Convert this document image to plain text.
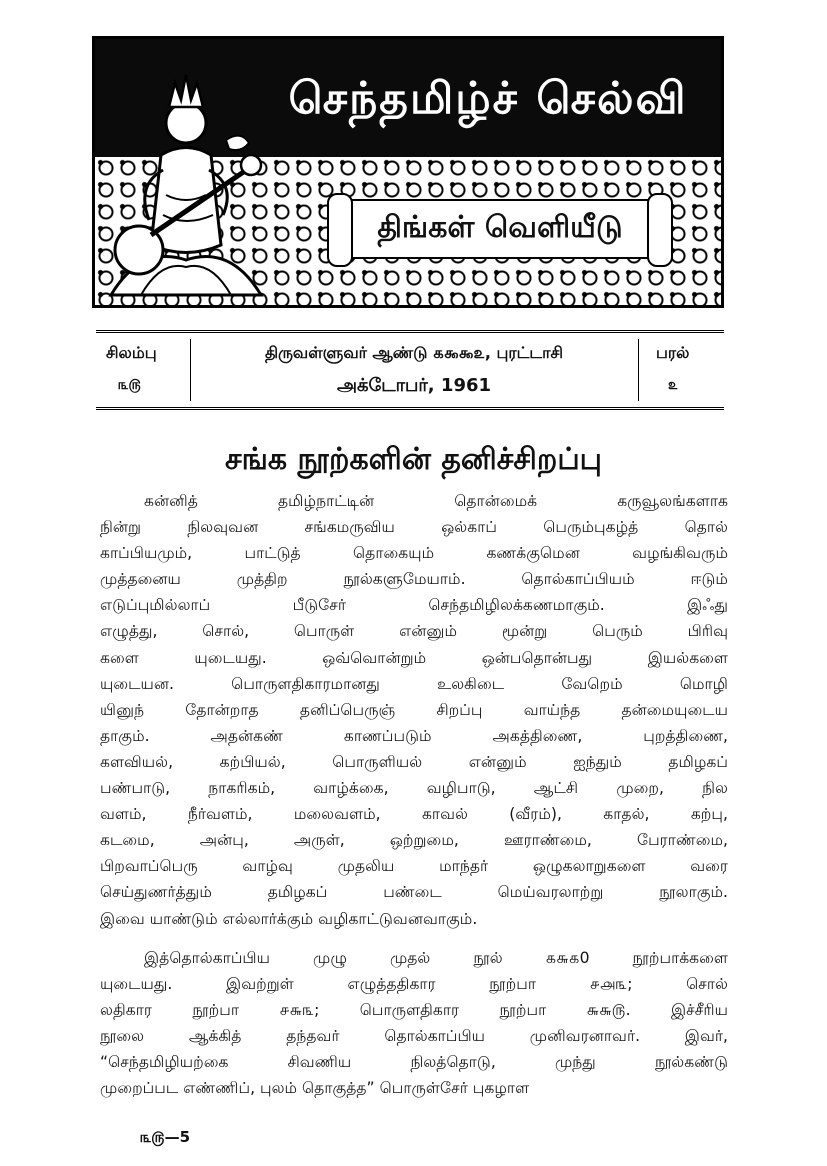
செந்தமிழ்ச் செல்வி
திங்கள் வெளியீடு
சிலம்பு
௩௫
திருவள்ளுவர் ஆண்டு ௧௯௯௨, புரட்டாசி
அக்டோபர், 1961
பரல்
௨
சங்க நூற்களின் தனிச்சிறப்பு
கன்னித் தமிழ்நாட்டின் தொன்மைக் கருவூலங்களாக
நின்று நிலவுவன சங்கமருவிய ஒல்காப் பெரும்புகழ்த் தொல்
காப்பியமும், பாட்டுத் தொகையும் கணக்குமென வழங்கிவரும்
முத்தனைய முத்திற நூல்களுமேயாம். தொல்காப்பியம் ஈடும்
எடுப்புமில்லாப் பீடுசேர் செந்தமிழிலக்கணமாகும். இஃது
எழுத்து, சொல், பொருள் என்னும் மூன்று பெரும் பிரிவு
களை யுடையது. ஒவ்வொன்றும் ஒன்பதொன்பது இயல்களை
யுடையன. பொருளதிகாரமானது உலகிடை வேறெம் மொழி
யினுந் தோன்றாத தனிப்பெருஞ் சிறப்பு வாய்ந்த தன்மையுடைய
தாகும். அதன்கண் காணப்படும் அகத்திணை, புறத்திணை,
களவியல், கற்பியல், பொருளியல் என்னும் ஐந்தும் தமிழகப்
பண்பாடு, நாகரிகம், வாழ்க்கை, வழிபாடு, ஆட்சி முறை, நில
வளம், நீர்வளம், மலைவளம், காவல் (வீரம்), காதல், கற்பு,
கடமை, அன்பு, அருள், ஒற்றுமை, ஊராண்மை, பேராண்மை,
பிறவாப்பெரு வாழ்வு முதலிய மாந்தர் ஒழுகலாறுகளை வரை
செய்துணர்த்தும் தமிழகப் பண்டை மெய்வரலாற்று நூலாகும்.
இவை யாண்டும் எல்லார்க்கும் வழிகாட்டுவனவாகும்.
இத்தொல்காப்பிய முழு முதல் நூல் ௧௬௧0 நூற்பாக்களை
யுடையது. இவற்றுள் எழுத்ததிகார நூற்பா ௪௮௩; சொல்
லதிகார நூற்பா ௪௬௩; பொருளதிகார நூற்பா ௬௬௫. இச்சீரிய
நூலை ஆக்கித் தந்தவர் தொல்காப்பிய முனிவரனாவர். இவர்,
“செந்தமிழியற்கை சிவணிய நிலத்தொடு, முந்து நூல்கண்டு
முறைப்பட எண்ணிப், புலம் தொகுத்த” பொருள்சேர் புகழாள
௩௫—5
